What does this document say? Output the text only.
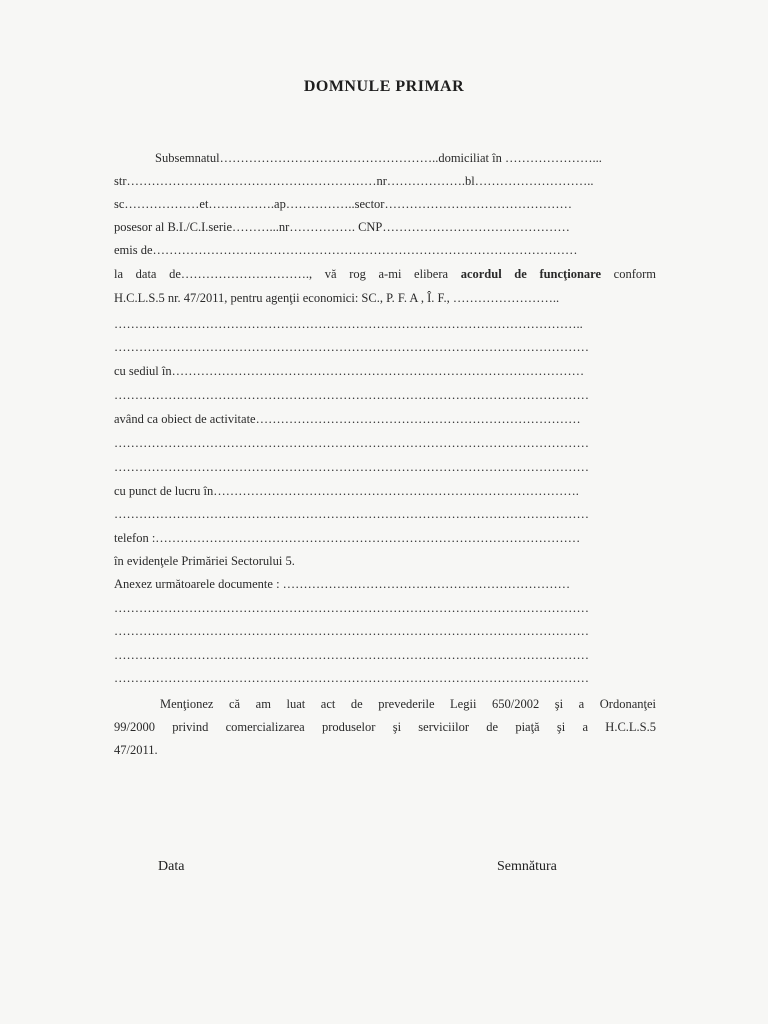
DOMNULE PRIMAR
Subsemnatul……………………………………………..domiciliat în …………………...
str……………………………………………………nr……………….bl………………………..
sc………………et…………….ap……………..sector………………………………………
posesor al B.I./C.I.serie………...nr……………. CNP………………………………………
emis de…………………………………………………………………………………………
la data de…………………………., vă rog a-mi elibera acordul de funcţionare conform
H.C.L.S.5 nr. 47/2011, pentru agenţii economici: SC., P. F. A , Î. F., ……………………..
…………………………………………………………………………………………………..
……………………………………………………………………………………………………
cu sediul în………………………………………………………………………………………
……………………………………………………………………………………………………
având ca obiect de activitate……………………………………………………………………
……………………………………………………………………………………………………
……………………………………………………………………………………………………
cu punct de lucru în…………………………………………………………………………….
……………………………………………………………………………………………………
telefon :…………………………………………………………………………………………
în evidenţele Primăriei Sectorului 5.
Anexez următoarele documente : ……………………………………………………………
……………………………………………………………………………………………………
……………………………………………………………………………………………………
……………………………………………………………………………………………………
……………………………………………………………………………………………………
Menţionez că am luat act de prevederile Legii 650/2002 şi a Ordonanţei
99/2000 privind comercializarea produselor şi serviciilor de piaţă şi a H.C.L.S.5
47/2011.
Data	Semnătura
